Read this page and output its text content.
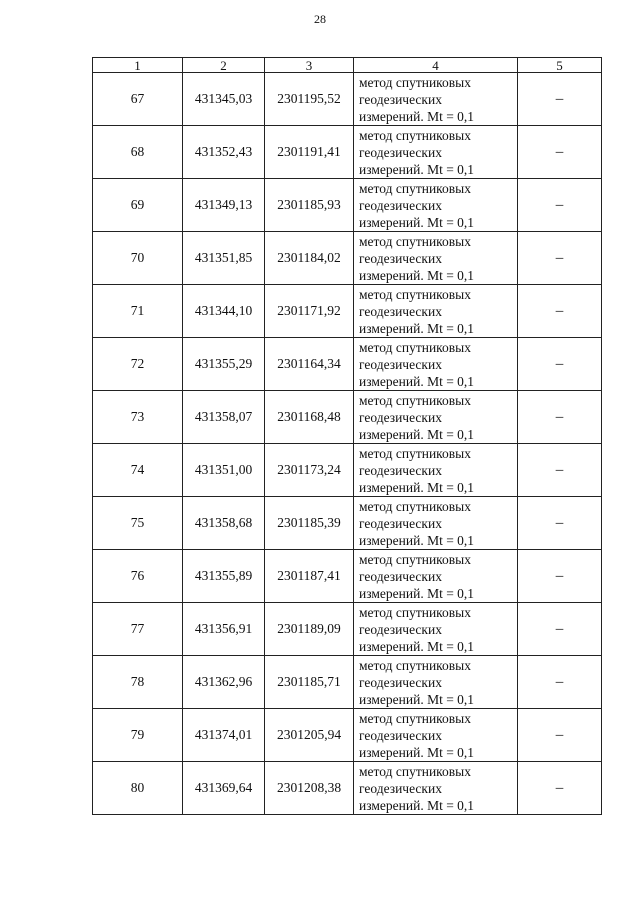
28
1	2	3	4	5
67	431345,03	2301195,52	метод спутниковых
геодезических
измерений. Mt = 0,1	–
68	431352,43	2301191,41	метод спутниковых
геодезических
измерений. Mt = 0,1	–
69	431349,13	2301185,93	метод спутниковых
геодезических
измерений. Mt = 0,1	–
70	431351,85	2301184,02	метод спутниковых
геодезических
измерений. Mt = 0,1	–
71	431344,10	2301171,92	метод спутниковых
геодезических
измерений. Mt = 0,1	–
72	431355,29	2301164,34	метод спутниковых
геодезических
измерений. Mt = 0,1	–
73	431358,07	2301168,48	метод спутниковых
геодезических
измерений. Mt = 0,1	–
74	431351,00	2301173,24	метод спутниковых
геодезических
измерений. Mt = 0,1	–
75	431358,68	2301185,39	метод спутниковых
геодезических
измерений. Mt = 0,1	–
76	431355,89	2301187,41	метод спутниковых
геодезических
измерений. Mt = 0,1	–
77	431356,91	2301189,09	метод спутниковых
геодезических
измерений. Mt = 0,1	–
78	431362,96	2301185,71	метод спутниковых
геодезических
измерений. Mt = 0,1	–
79	431374,01	2301205,94	метод спутниковых
геодезических
измерений. Mt = 0,1	–
80	431369,64	2301208,38	метод спутниковых
геодезических
измерений. Mt = 0,1	–
